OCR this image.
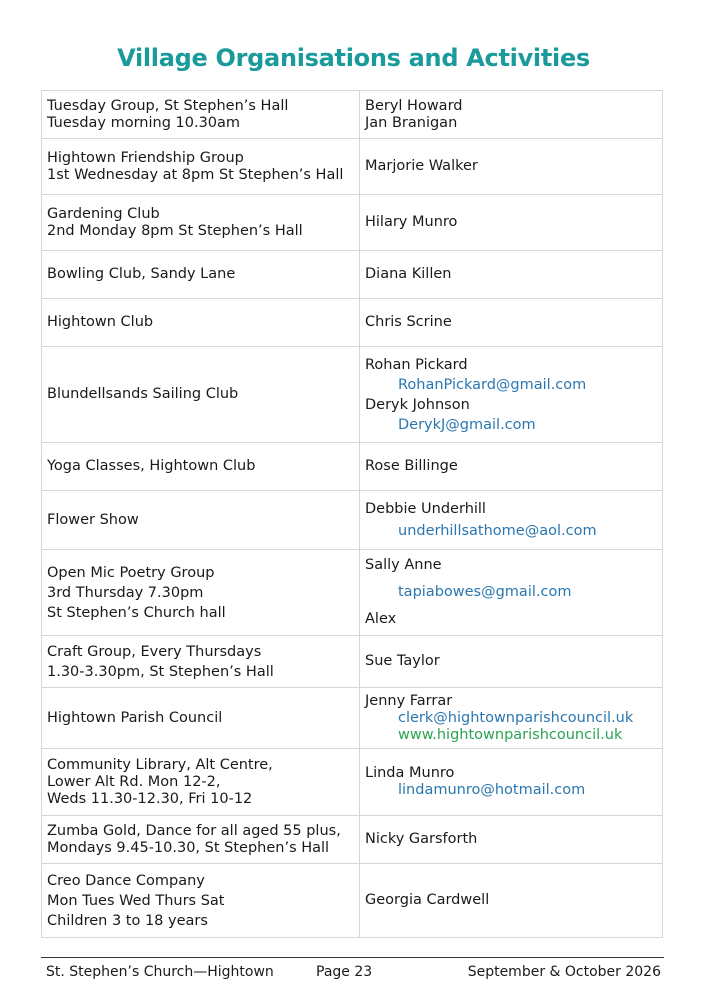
Village Organisations and Activities
Tuesday Group, St Stephen’s Hall
Tuesday morning 10.30am	Beryl Howard
Jan Branigan

Hightown Friendship Group
1st Wednesday at 8pm St Stephen’s Hall	Marjorie Walker

Gardening Club
2nd Monday 8pm St Stephen’s Hall	Hilary Munro

Bowling Club, Sandy Lane	Diana Killen

Hightown Club	Chris Scrine

Blundellsands Sailing Club	Rohan Pickard
RohanPickard@gmail.com
Deryk Johnson
DerykJ@gmail.com

Yoga Classes, Hightown Club	Rose Billinge

Flower Show	Debbie Underhill
underhillsathome@aol.com

Open Mic Poetry Group
3rd Thursday 7.30pm
St Stephen’s Church hall	Sally Anne
tapiabowes@gmail.com
Alex

Craft Group, Every Thursdays
1.30-3.30pm, St Stephen’s Hall	Sue Taylor

Hightown Parish Council	Jenny Farrar
clerk@hightownparishcouncil.uk
www.hightownparishcouncil.uk

Community Library, Alt Centre,
Lower Alt Rd. Mon 12-2,
Weds 11.30-12.30, Fri 10-12	Linda Munro
lindamunro@hotmail.com

Zumba Gold, Dance for all aged 55 plus,
Mondays 9.45-10.30, St Stephen’s Hall	Nicky Garsforth

Creo Dance Company
Mon Tues Wed Thurs Sat
Children 3 to 18 years	Georgia Cardwell
St. Stephen’s Church—Hightown	Page 23	September & October 2026
